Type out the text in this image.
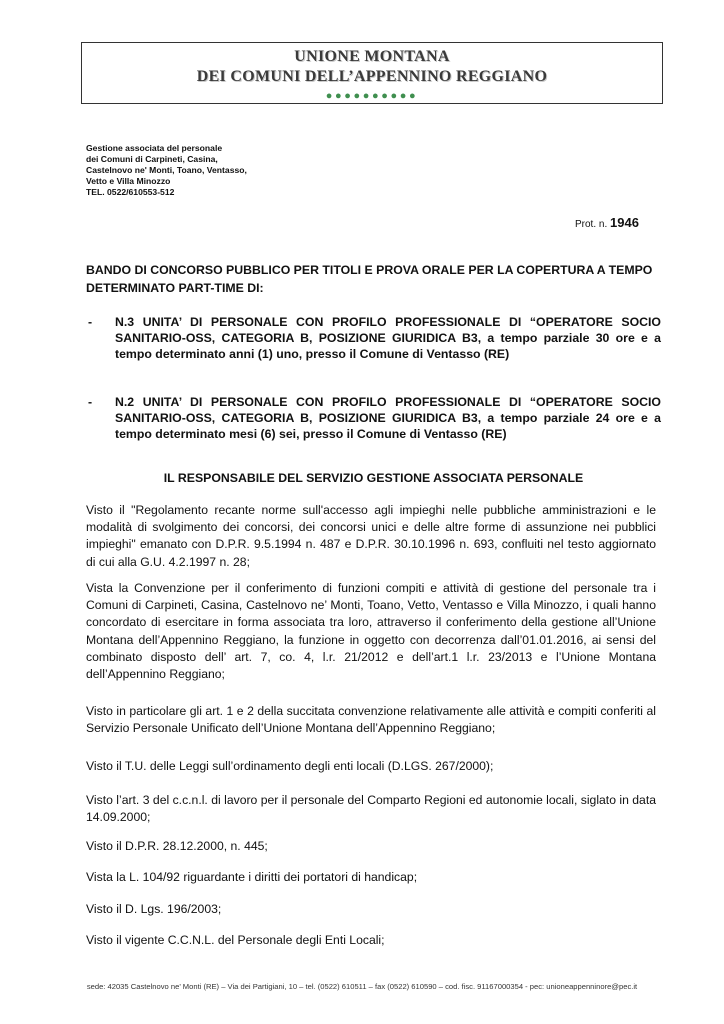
UNIONE MONTANA
DEI COMUNI DELL’APPENNINO REGGIANO
●●●●●●●●●●
Gestione associata del personale
dei Comuni di Carpineti, Casina,
Castelnovo ne' Monti, Toano, Ventasso,
Vetto e Villa Minozzo
TEL. 0522/610553-512
Prot. n. 1946
BANDO DI CONCORSO PUBBLICO PER TITOLI E PROVA ORALE PER LA COPERTURA A TEMPO DETERMINATO PART-TIME DI:
- N.3 UNITA’ DI PERSONALE CON PROFILO PROFESSIONALE DI “OPERATORE SOCIO SANITARIO-OSS, CATEGORIA B, POSIZIONE GIURIDICA B3, a tempo parziale 30 ore e a tempo determinato anni (1) uno, presso il Comune di Ventasso (RE)
- N.2 UNITA’ DI PERSONALE CON PROFILO PROFESSIONALE DI “OPERATORE SOCIO SANITARIO-OSS, CATEGORIA B, POSIZIONE GIURIDICA B3, a tempo parziale 24 ore e a tempo determinato mesi (6) sei, presso il Comune di Ventasso (RE)
IL RESPONSABILE DEL SERVIZIO GESTIONE ASSOCIATA PERSONALE
Visto il "Regolamento recante norme sull'accesso agli impieghi nelle pubbliche amministrazioni e le modalità di svolgimento dei concorsi, dei concorsi unici e delle altre forme di assunzione nei pubblici impieghi" emanato con D.P.R. 9.5.1994 n. 487 e D.P.R. 30.10.1996 n. 693, confluiti nel testo aggiornato di cui alla G.U. 4.2.1997 n. 28;
Vista la Convenzione per il conferimento di funzioni compiti e attività di gestione del personale tra i Comuni di Carpineti, Casina, Castelnovo ne’ Monti, Toano, Vetto, Ventasso e Villa Minozzo, i quali hanno concordato di esercitare in forma associata tra loro, attraverso il conferimento della gestione all’Unione Montana dell’Appennino Reggiano, la funzione in oggetto con decorrenza dall’01.01.2016, ai sensi del combinato disposto dell’ art. 7, co. 4, l.r. 21/2012 e dell’art.1 l.r. 23/2013 e l’Unione Montana dell’Appennino Reggiano;
Visto in particolare gli art. 1 e 2 della succitata convenzione relativamente alle attività e compiti conferiti al Servizio Personale Unificato dell’Unione Montana dell’Appennino Reggiano;
Visto il T.U. delle Leggi sull’ordinamento degli enti locali (D.LGS. 267/2000);
Visto l’art. 3 del c.c.n.l. di lavoro per il personale del Comparto Regioni ed autonomie locali, siglato in data 14.09.2000;
Visto il D.P.R. 28.12.2000, n. 445;
Vista la L. 104/92 riguardante i diritti dei portatori di handicap;
Visto il D. Lgs. 196/2003;
Visto il vigente C.C.N.L. del Personale degli Enti Locali;
sede: 42035 Castelnovo ne’ Monti (RE) – Via dei Partigiani, 10 – tel. (0522) 610511 – fax (0522) 610590 – cod. fisc. 91167000354 - pec: unioneappenninore@pec.it
